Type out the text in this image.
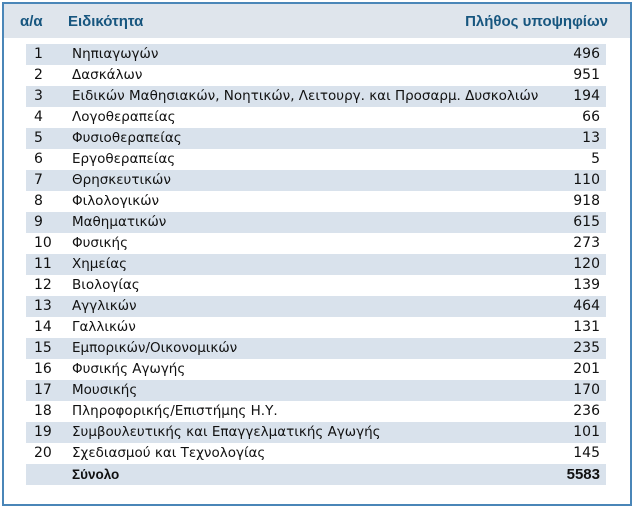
α/α Ειδικότητα	Πλήθος υποψηφίων
1 Νηπιαγωγών	496
2 Δασκάλων	951
3 Ειδικών Μαθησιακών, Νοητικών, Λειτουργ. και Προσαρμ. Δυσκολιών 194
4 Λογοθεραπείας	66
5 Φυσιοθεραπείας	13
6 Εργοθεραπείας	5
7 Θρησκευτικών	110
8 Φιλολογικών	918
9 Μαθηματικών	615
10 Φυσικής	273
11 Χημείας	120
12 Βιολογίας	139
13 Αγγλικών	464
14 Γαλλικών	131
15 Εμπορικών/Οικονομικών	235
16 Φυσικής Αγωγής	201
17 Μουσικής	170
18 Πληροφορικής/Επιστήμης Η.Υ.	236
19 Συμβουλευτικής και Επαγγελματικής Αγωγής	101
20 Σχεδιασμού και Τεχνολογίας	145
Σύνολο	5583
